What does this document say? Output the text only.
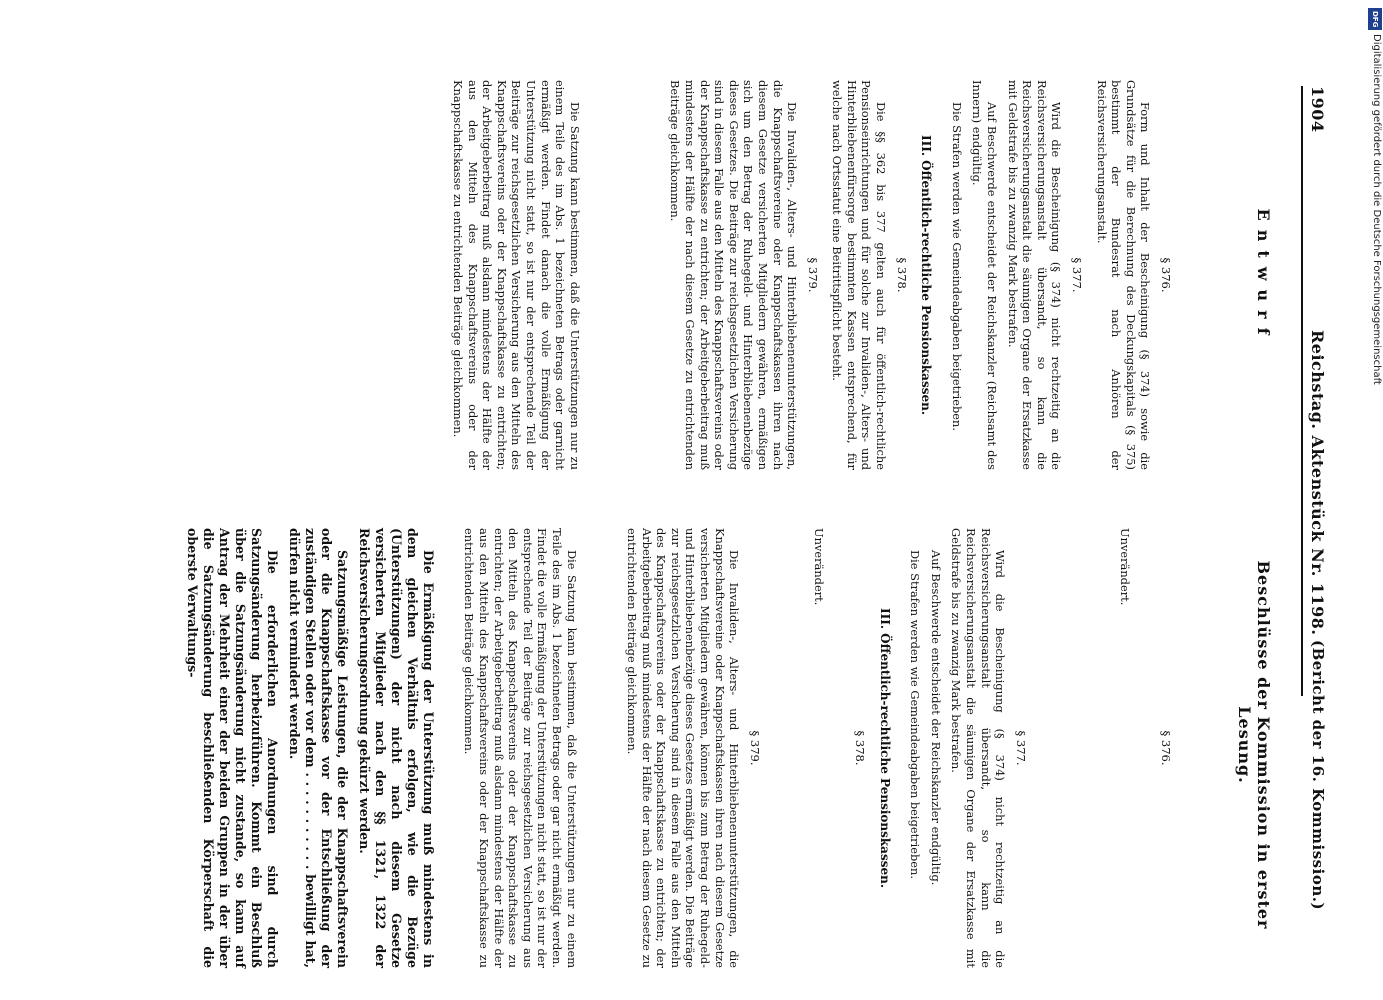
1904
Reichstag. Aktenstück Nr. 1198.
(Bericht der 16. Kommission.)
Entwurf
Beschlüsse der Kommission in erster Lesung.
§ 376.

Form und Inhalt der Bescheinigung (§ 374) sowie die Grundsätze für die Berechnung des Deckungskapitals (§ 375) bestimmt der Bundesrat nach Anhören der Reichsversicherungsanstalt.

§ 377.

Wird die Bescheinigung (§ 374) nicht rechtzeitig an die Reichsversicherungsanstalt übersandt, so kann die Reichsversicherungsanstalt die säumigen Organe der Ersatzkasse mit Geldstrafe bis zu zwanzig Mark bestrafen.

Auf Beschwerde entscheidet der Reichskanzler (Reichsamt des Innern) endgültig.

Die Strafen werden wie Gemeindeabgaben beigetrieben.

III. Öffentlich-rechtliche Pensionskassen.
§ 378.

Die §§ 362 bis 377 gelten auch für öffentlich-rechtliche Pensionseinrichtungen und für solche zur Invaliden-, Alters- und Hinterbliebenenfürsorge bestimmten Kassen entsprechend, für welche nach Ortsstatut eine Beitrittspflicht besteht.

§ 379.

Die Invaliden-, Alters- und Hinterbliebenenunterstützungen, die Knappschaftsvereine oder Knappschaftskassen ihren nach diesem Gesetze versicherten Mitgliedern gewähren, ermäßigen sich um den Betrag der Ruhegeld- und Hinterbliebenenbezüge dieses Gesetzes. Die Beiträge zur reichsgesetzlichen Versicherung sind in diesem Falle aus den Mitteln des Knappschaftsvereins oder der Knappschaftskasse zu entrichten; der Arbeitgeberbeitrag muß mindestens der Hälfte der nach diesem Gesetze zu entrichtenden Beiträge gleichkommen.

Die Satzung kann bestimmen, daß die Unterstützungen nur zu einem Teile des im Abs. 1 bezeichneten Betrags oder garnicht ermäßigt werden. Findet danach die volle Ermäßigung der Unterstützung nicht statt, so ist nur der entsprechende Teil der Beiträge zur reichsgesetzlichen Versicherung aus den Mitteln des Knappschaftsvereins oder der Knappschaftskasse zu entrichten; der Arbeitgeberbeitrag muß alsdann mindestens der Hälfte der aus den Mitteln des Knappschaftsvereins oder der Knappschaftskasse zu entrichtenden Beiträge gleichkommen.

§ 376.

Unverändert.

§ 377.

Wird die Bescheinigung (§ 374) nicht rechtzeitig an die Reichsversicherungsanstalt übersandt, so kann die Reichsversicherungsanstalt die säumigen Organe der Ersatzkasse mit Geldstrafe bis zu zwanzig Mark bestrafen.

Auf Beschwerde entscheidet der Reichskanzler endgültig.

Die Strafen werden wie Gemeindeabgaben beigetrieben.

III. Öffentlich-rechtliche Pensionskassen.
§ 378.

Unverändert.

§ 379.

Die Invaliden-, Alters- und Hinterbliebenenunterstützungen, die Knappschaftsvereine oder Knappschaftskassen ihren nach diesem Gesetze versicherten Mitgliedern gewähren, können bis zum Betrag der Ruhegeld- und Hinterbliebenenbezüge dieses Gesetzes ermäßigt werden. Die Beiträge zur reichsgesetzlichen Versicherung sind in diesem Falle aus den Mitteln des Knappschaftsvereins oder der Knappschaftskasse zu entrichten; der Arbeitgeberbeitrag muß mindestens der Hälfte der nach diesem Gesetze zu entrichtenden Beiträge gleichkommen.

Die Satzung kann bestimmen, daß die Unterstützungen nur zu einem Teile des im Abs. 1 bezeichneten Betrags oder gar nicht ermäßigt werden. Findet die volle Ermäßigung der Unterstützungen nicht statt, so ist nur der entsprechende Teil der Beiträge zur reichsgesetzlichen Versicherung aus den Mitteln des Knappschaftsvereins oder der Knappschaftskasse zu entrichten; der Arbeitgeberbeitrag muß alsdann mindestens der Hälfte der aus den Mitteln des Knappschaftsvereins oder der Knappschaftskasse zu entrichtenden Beiträge gleichkommen.

Die Ermäßigung der Unterstützung muß mindestens in dem gleichen Verhältnis erfolgen, wie die Bezüge (Unterstützungen) der nicht nach diesem Gesetze versicherten Mitglieder nach den §§ 1321, 1322 der Reichsversicherungsordnung gekürzt werden.

Satzungsmäßige Leistungen, die der Knappschaftsverein oder die Knappschaftskasse vor der Entschließung der zuständigen Stellen oder vor dem . . . . . . . . . . . bewilligt hat, dürfen nicht vermindert werden.

Die erforderlichen Anordnungen sind durch Satzungsänderung herbeizuführen. Kommt ein Beschluß über die Satzungsänderung nicht zustande, so kann auf Antrag der Mehrheit einer der beiden Gruppen in der über die Satzungsänderung beschließenden Körperschaft die oberste Verwaltungs-

DFG
Digitalisierung gefördert durch die Deutsche Forschungsgemeinschaft
